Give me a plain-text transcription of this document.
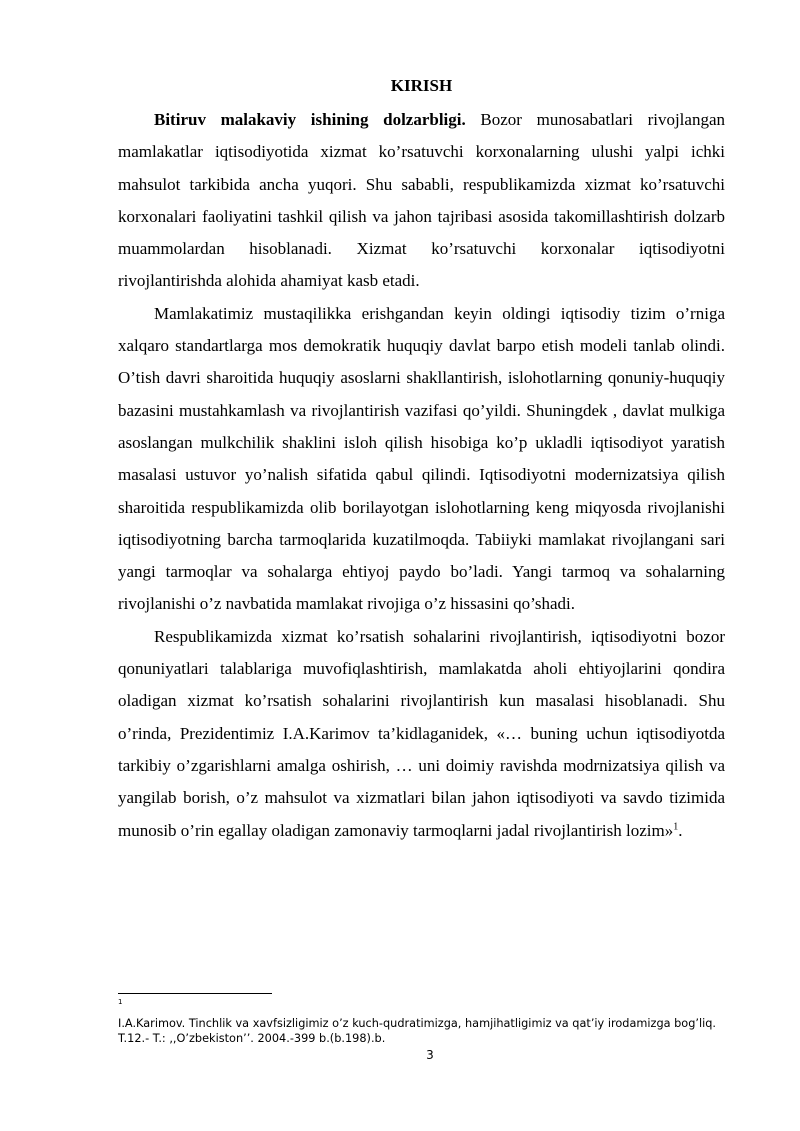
KIRISH

Bitiruv malakaviy ishining dolzarbligi. Bozor munosabatlari rivojlangan mamlakatlar iqtisodiyotida xizmat ko’rsatuvchi korxonalarning ulushi yalpi ichki mahsulot tarkibida ancha yuqori. Shu sababli, respublikamizda xizmat ko’rsatuvchi korxonalari faoliyatini tashkil qilish va jahon tajribasi asosida takomillashtirish dolzarb muammolardan hisoblanadi. Xizmat ko’rsatuvchi korxonalar iqtisodiyotni rivojlantirishda alohida ahamiyat kasb etadi.

Mamlakatimiz mustaqilikka erishgandan keyin oldingi iqtisodiy tizim o’rniga xalqaro standartlarga mos demokratik huquqiy davlat barpo etish modeli tanlab olindi. O’tish davri sharoitida huquqiy asoslarni shakllantirish, islohotlarning qonuniy-huquqiy bazasini mustahkamlash va rivojlantirish vazifasi qo’yildi. Shuningdek , davlat mulkiga asoslangan mulkchilik shaklini isloh qilish hisobiga ko’p ukladli iqtisodiyot yaratish masalasi ustuvor yo’nalish sifatida qabul qilindi. Iqtisodiyotni modernizatsiya qilish sharoitida respublikamizda olib borilayotgan islohotlarning keng miqyosda rivojlanishi iqtisodiyotning barcha tarmoqlarida kuzatilmoqda. Tabiiyki mamlakat rivojlangani sari yangi tarmoqlar va sohalarga ehtiyoj paydo bo’ladi. Yangi tarmoq va sohalarning rivojlanishi o’z navbatida mamlakat rivojiga o’z hissasini qo’shadi.

Respublikamizda xizmat ko’rsatish sohalarini rivojlantirish, iqtisodiyotni bozor qonuniyatlari talablariga muvofiqlashtirish, mamlakatda aholi ehtiyojlarini qondira oladigan xizmat ko’rsatish sohalarini rivojlantirish kun masalasi hisoblanadi. Shu o’rinda, Prezidentimiz I.A.Karimov ta’kidlaganidek, «… buning uchun iqtisodiyotda tarkibiy o’zgarishlarni amalga oshirish, … uni doimiy ravishda modrnizatsiya qilish va yangilab borish, o’z mahsulot va xizmatlari bilan jahon iqtisodiyoti va savdo tizimida munosib o’rin egallay oladigan zamonaviy tarmoqlarni jadal rivojlantirish lozim»$^1$.

1
I.A.Karimov. Tinchlik va xavfsizligimiz o’z kuch-qudratimizga, hamjihatligimiz va qat’iy irodamizga bog’liq. T.12.- T.: ,,O’zbekiston’’. 2004.-399 b.(b.198).b.
3
